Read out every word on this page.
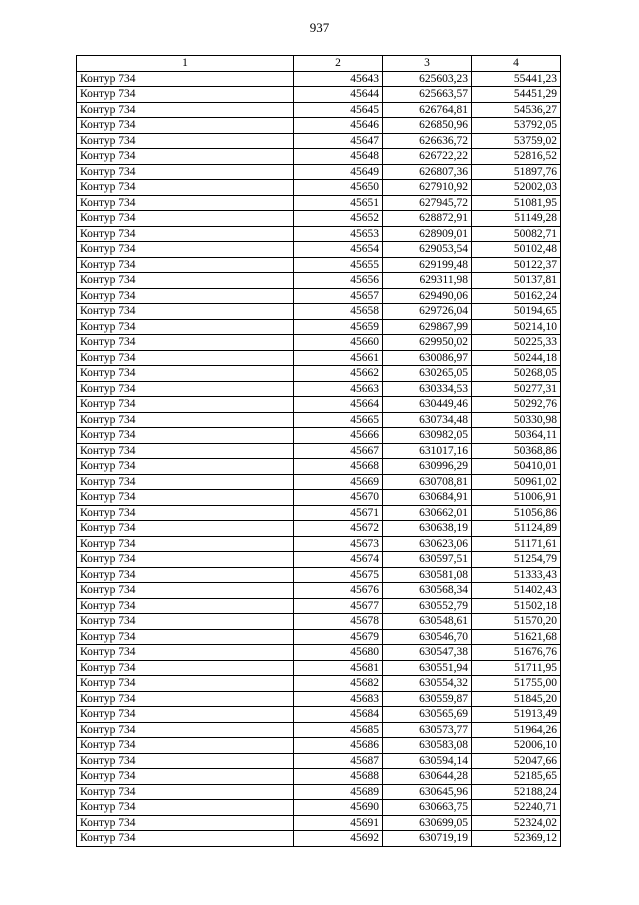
937
1	2	3	4
Контур 734	45643	625603,23	55441,23
Контур 734	45644	625663,57	54451,29
Контур 734	45645	626764,81	54536,27
Контур 734	45646	626850,96	53792,05
Контур 734	45647	626636,72	53759,02
Контур 734	45648	626722,22	52816,52
Контур 734	45649	626807,36	51897,76
Контур 734	45650	627910,92	52002,03
Контур 734	45651	627945,72	51081,95
Контур 734	45652	628872,91	51149,28
Контур 734	45653	628909,01	50082,71
Контур 734	45654	629053,54	50102,48
Контур 734	45655	629199,48	50122,37
Контур 734	45656	629311,98	50137,81
Контур 734	45657	629490,06	50162,24
Контур 734	45658	629726,04	50194,65
Контур 734	45659	629867,99	50214,10
Контур 734	45660	629950,02	50225,33
Контур 734	45661	630086,97	50244,18
Контур 734	45662	630265,05	50268,05
Контур 734	45663	630334,53	50277,31
Контур 734	45664	630449,46	50292,76
Контур 734	45665	630734,48	50330,98
Контур 734	45666	630982,05	50364,11
Контур 734	45667	631017,16	50368,86
Контур 734	45668	630996,29	50410,01
Контур 734	45669	630708,81	50961,02
Контур 734	45670	630684,91	51006,91
Контур 734	45671	630662,01	51056,86
Контур 734	45672	630638,19	51124,89
Контур 734	45673	630623,06	51171,61
Контур 734	45674	630597,51	51254,79
Контур 734	45675	630581,08	51333,43
Контур 734	45676	630568,34	51402,43
Контур 734	45677	630552,79	51502,18
Контур 734	45678	630548,61	51570,20
Контур 734	45679	630546,70	51621,68
Контур 734	45680	630547,38	51676,76
Контур 734	45681	630551,94	51711,95
Контур 734	45682	630554,32	51755,00
Контур 734	45683	630559,87	51845,20
Контур 734	45684	630565,69	51913,49
Контур 734	45685	630573,77	51964,26
Контур 734	45686	630583,08	52006,10
Контур 734	45687	630594,14	52047,66
Контур 734	45688	630644,28	52185,65
Контур 734	45689	630645,96	52188,24
Контур 734	45690	630663,75	52240,71
Контур 734	45691	630699,05	52324,02
Контур 734	45692	630719,19	52369,12
